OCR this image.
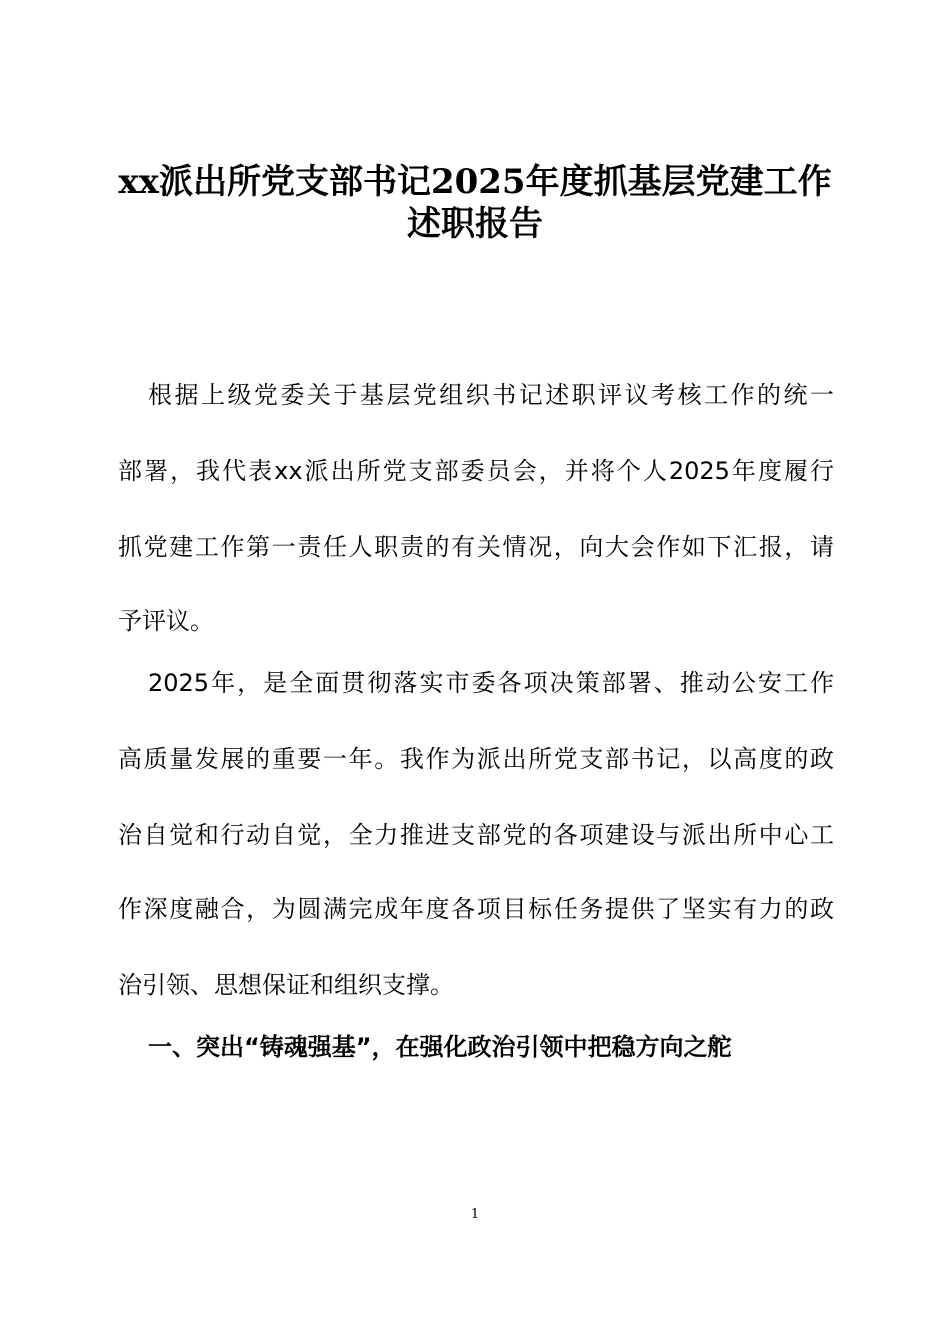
xx派出所党支部书记2025年度抓基层党建工作
述职报告
根据上级党委关于基层党组织书记述职评议考核工作的统一
部署，我代表xx派出所党支部委员会，并将个人2025年度履行
抓党建工作第一责任人职责的有关情况，向大会作如下汇报，请
予评议。
2025年，是全面贯彻落实市委各项决策部署、推动公安工作
高质量发展的重要一年。我作为派出所党支部书记，以高度的政
治自觉和行动自觉，全力推进支部党的各项建设与派出所中心工
作深度融合，为圆满完成年度各项目标任务提供了坚实有力的政
治引领、思想保证和组织支撑。
一、突出“铸魂强基”，在强化政治引领中把稳方向之舵
1
